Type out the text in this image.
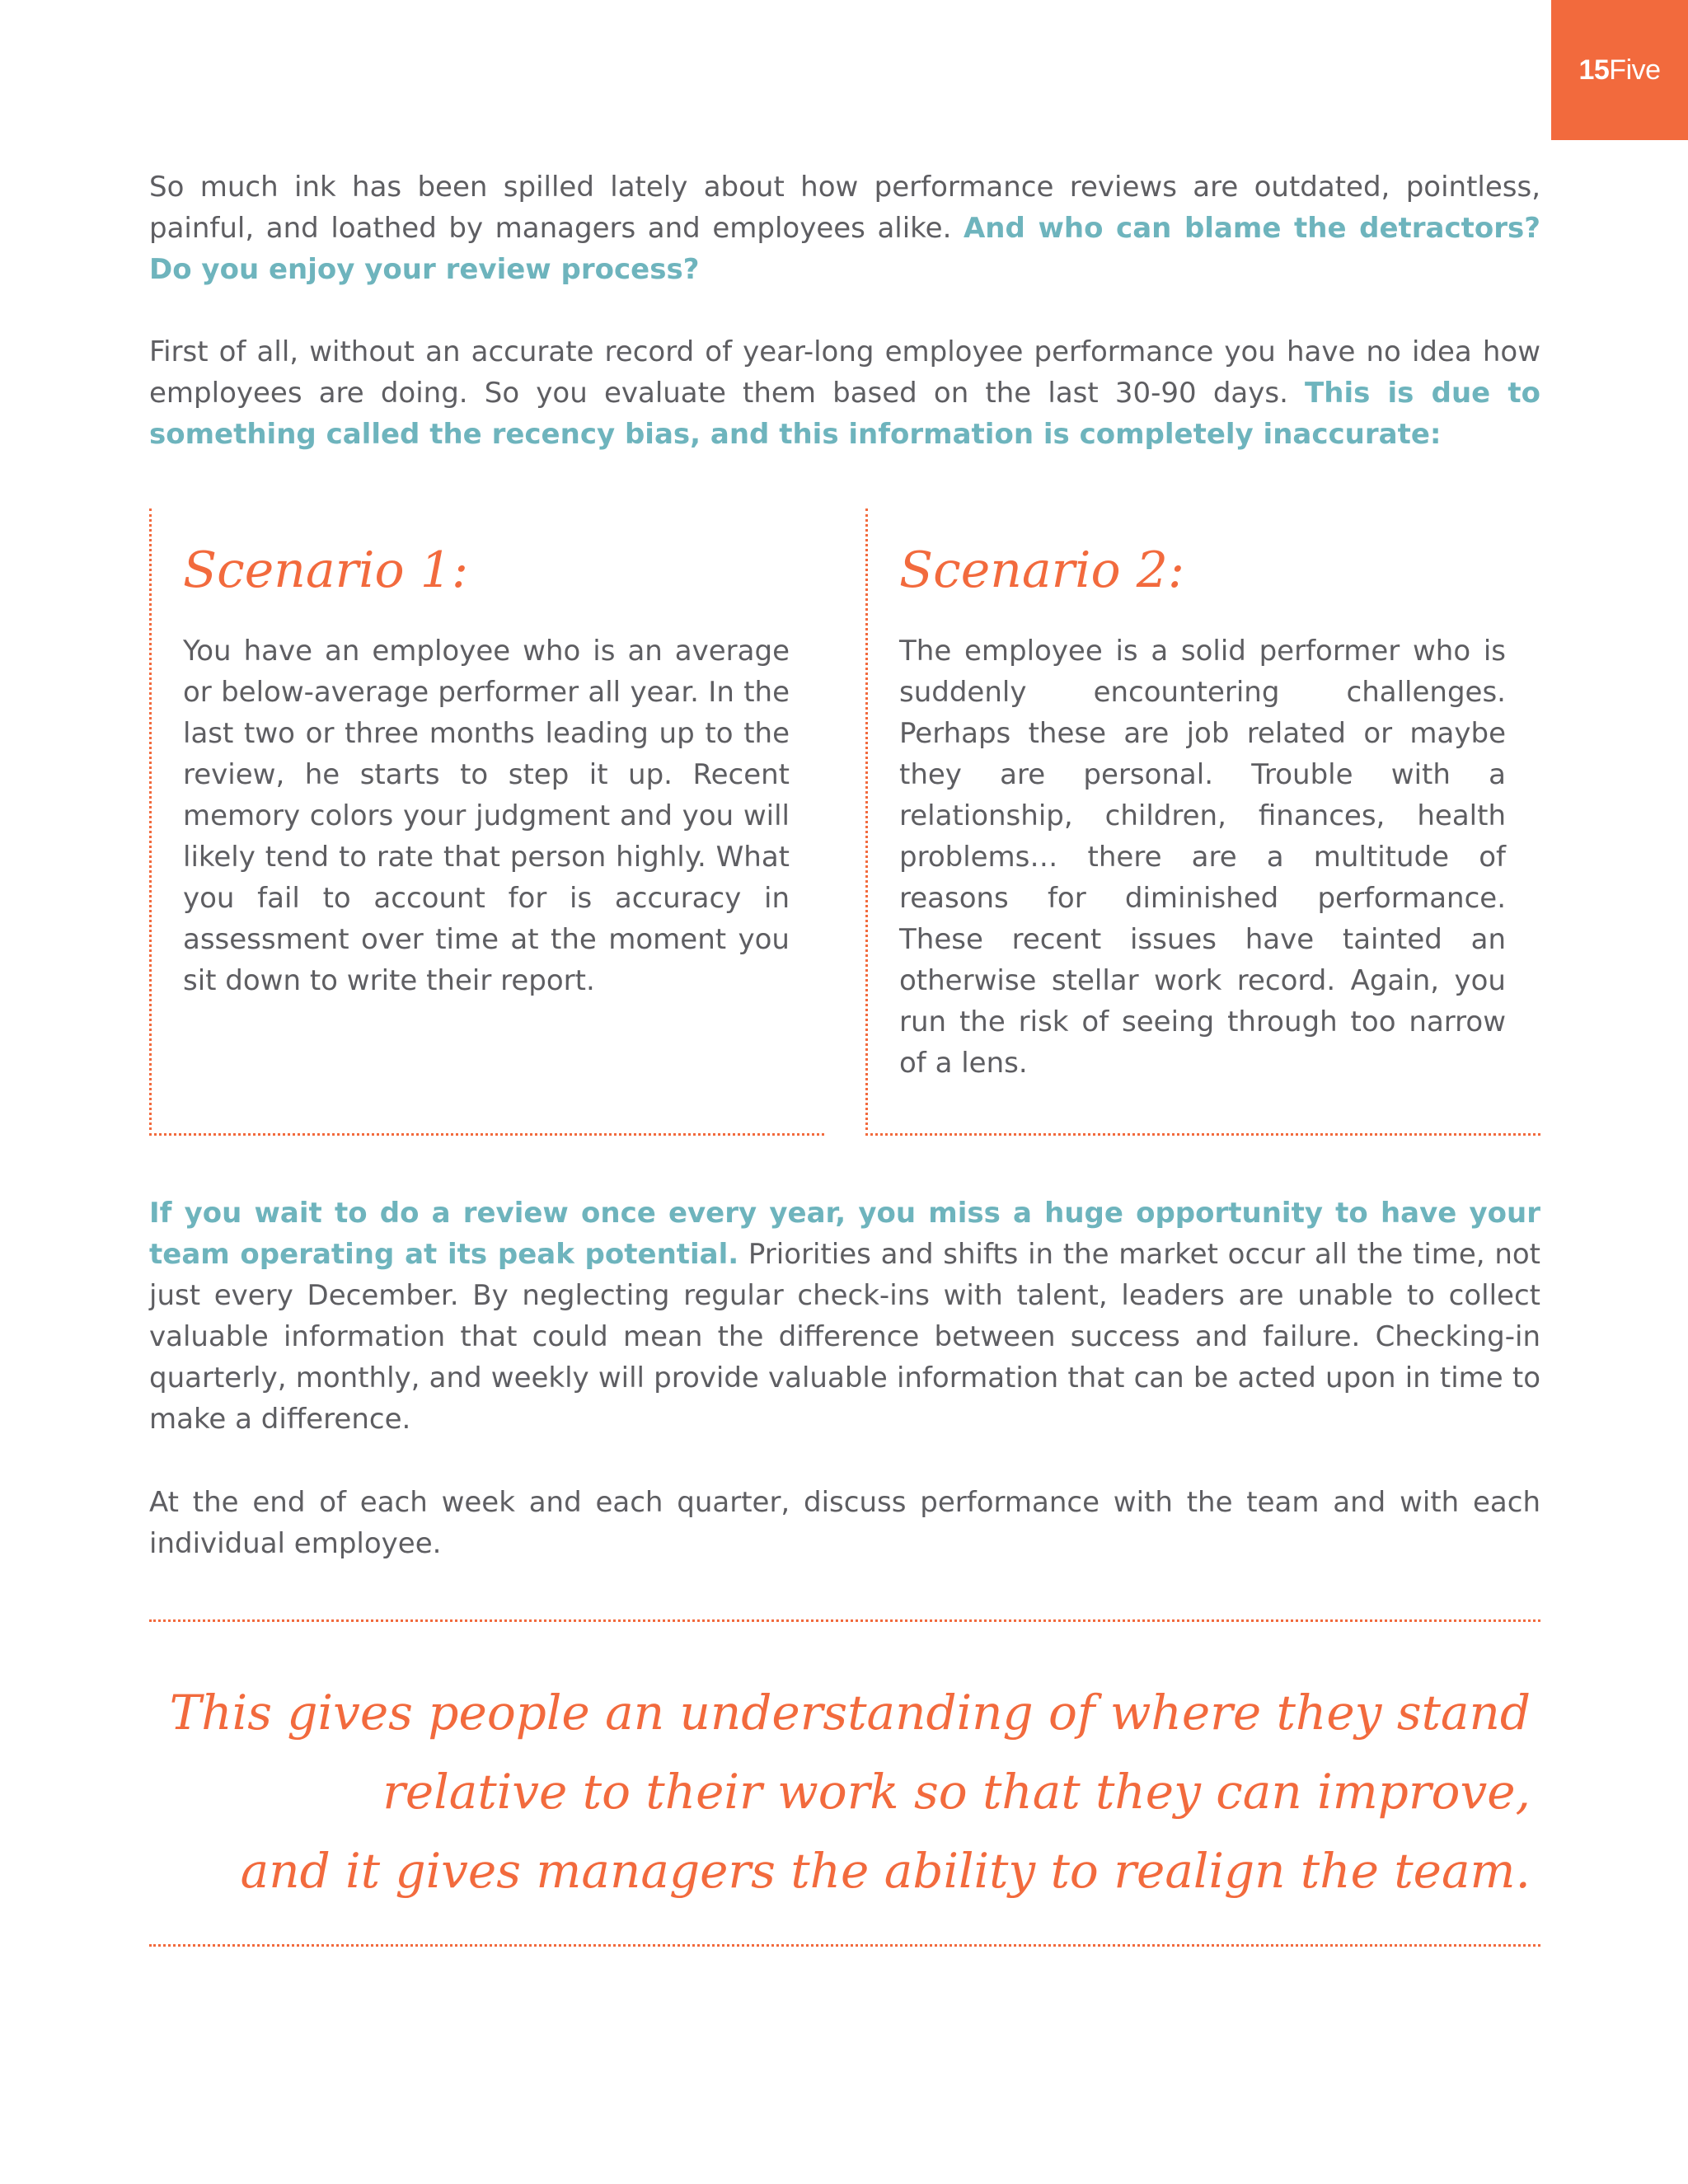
15 Five

So much ink has been spilled lately about how performance reviews are outdated, pointless, painful, and loathed by managers and employees alike. And who can blame the detractors? Do you enjoy your review process?

First of all, without an accurate record of year-long employee performance you have no idea how employees are doing. So you evaluate them based on the last 30-90 days. This is due to something called the recency bias, and this information is completely inaccurate:

Scenario 1:

You have an employee who is an average or below-average performer all year. In the last two or three months leading up to the review, he starts to step it up. Recent memory colors your judgment and you will likely tend to rate that person highly. What you fail to account for is accuracy in assessment over time at the moment you sit down to write their report.

Scenario 2:

The employee is a solid performer who is suddenly encountering challenges. Perhaps these are job related or maybe they are personal. Trouble with a relationship, children, finances, health problems… there are a multitude of reasons for diminished performance. These recent issues have tainted an otherwise stellar work record. Again, you run the risk of seeing through too narrow of a lens.

If you wait to do a review once every year, you miss a huge opportunity to have your team operating at its peak potential. Priorities and shifts in the market occur all the time, not just every December. By neglecting regular check-ins with talent, leaders are unable to collect valuable information that could mean the difference between success and failure. Checking-in quarterly, monthly, and weekly will provide valuable information that can be acted upon in time to make a difference.

At the end of each week and each quarter, discuss performance with the team and with each individual employee.

This gives people an understanding of where they stand
relative to their work so that they can improve,
and it gives managers the ability to realign the team.
